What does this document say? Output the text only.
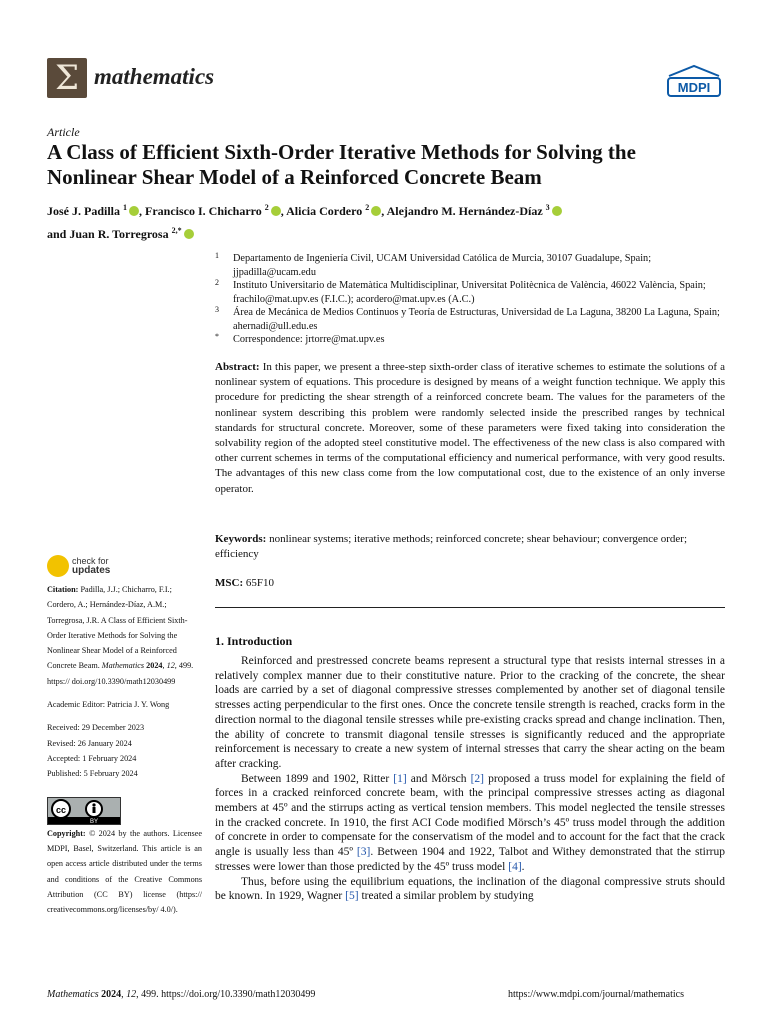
Σ mathematics	MDPI
Article
A Class of Efficient Sixth-Order Iterative Methods for Solving the Nonlinear Shear Model of a Reinforced Concrete Beam
José J. Padilla $^1$ , Francisco I. Chicharro $^2$ , Alicia Cordero $^2$ , Alejandro M. Hernández-Díaz $^3$
and Juan R. Torregrosa $^{2,*}$
1 Departamento de Ingeniería Civil, UCAM Universidad Católica de Murcia, 30107 Guadalupe, Spain; jjpadilla@ucam.edu
2 Instituto Universitario de Matemàtica Multidisciplinar, Universitat Politècnica de València, 46022 València, Spain; frachilo@mat.upv.es (F.I.C.); acordero@mat.upv.es (A.C.)
3 Área de Mecánica de Medios Continuos y Teoría de Estructuras, Universidad de La Laguna, 38200 La Laguna, Spain; ahernadi@ull.edu.es
* Correspondence: jrtorre@mat.upv.es
Abstract: In this paper, we present a three-step sixth-order class of iterative schemes to estimate the solutions of a nonlinear system of equations. This procedure is designed by means of a weight function technique. We apply this procedure for predicting the shear strength of a reinforced concrete beam. The values for the parameters of the nonlinear system describing this problem were randomly selected inside the prescribed ranges by technical standards for structural concrete. Moreover, some of these parameters were fixed taking into consideration the solvability region of the adopted steel constitutive model. The effectiveness of the new class is also compared with other current schemes in terms of the computational efficiency and numerical performance, with very good results. The advantages of this new class come from the low computational cost, due to the existence of an only inverse operator.
Keywords: nonlinear systems; iterative methods; reinforced concrete; shear behaviour; convergence order; efficiency
MSC: 65F10
1. Introduction

Reinforced and prestressed concrete beams represent a structural type that resists internal stresses in a relatively complex manner due to their constitutive nature. Prior to the cracking of the concrete, the shear loads are carried by a set of diagonal compressive stresses complemented by another set of diagonal tensile stresses acting perpendicular to the first ones. Once the concrete tensile strength is reached, cracks form in the direction normal to the diagonal tensile stresses while pre-existing cracks spread and change inclination. Then, the ability of concrete to transmit diagonal tensile stresses is significantly reduced and the appropriate reinforcement is necessary to create a new system of internal stresses that carry the shear acting on the beam after cracking.

Between 1899 and 1902, Ritter [1] and Mörsch [2] proposed a truss model for explaining the field of forces in a cracked reinforced concrete beam, with the principal compressive stresses acting as diagonal members at 45º and the stirrups acting as vertical tension members. This model neglected the tensile stresses in the cracked concrete. In 1910, the first ACI Code modified Mörsch’s 45º truss model through the addition of concrete in order to compensate for the conservatism of the model and to account for the fact that the crack angle is usually less than 45º [3]. Between 1904 and 1922, Talbot and Withey demonstrated that the stirrup stresses were lower than those predicted by the 45º truss model [4].

Thus, before using the equilibrium equations, the inclination of the diagonal compressive struts should be known. In 1929, Wagner [5] treated a similar problem by studying

check for
updates

Citation: Padilla, J.J.; Chicharro, F.I.; Cordero, A.; Hernández-Díaz, A.M.; Torregrosa, J.R. A Class of Efficient Sixth-Order Iterative Methods for Solving the Nonlinear Shear Model of a Reinforced Concrete Beam. Mathematics 2024, 12, 499. https:// doi.org/10.3390/math12030499

Academic Editor: Patricia J. Y. Wong

Received: 29 December 2023

Revised: 26 January 2024

Accepted: 1 February 2024

Published: 5 February 2024

cc
BY
Copyright: © 2024 by the authors. Licensee MDPI, Basel, Switzerland. This article is an open access article distributed under the terms and conditions of the Creative Commons Attribution (CC BY) license (https:// creativecommons.org/licenses/by/ 4.0/).
Mathematics 2024, 12, 499. https://doi.org/10.3390/math12030499	https://www.mdpi.com/journal/mathematics
